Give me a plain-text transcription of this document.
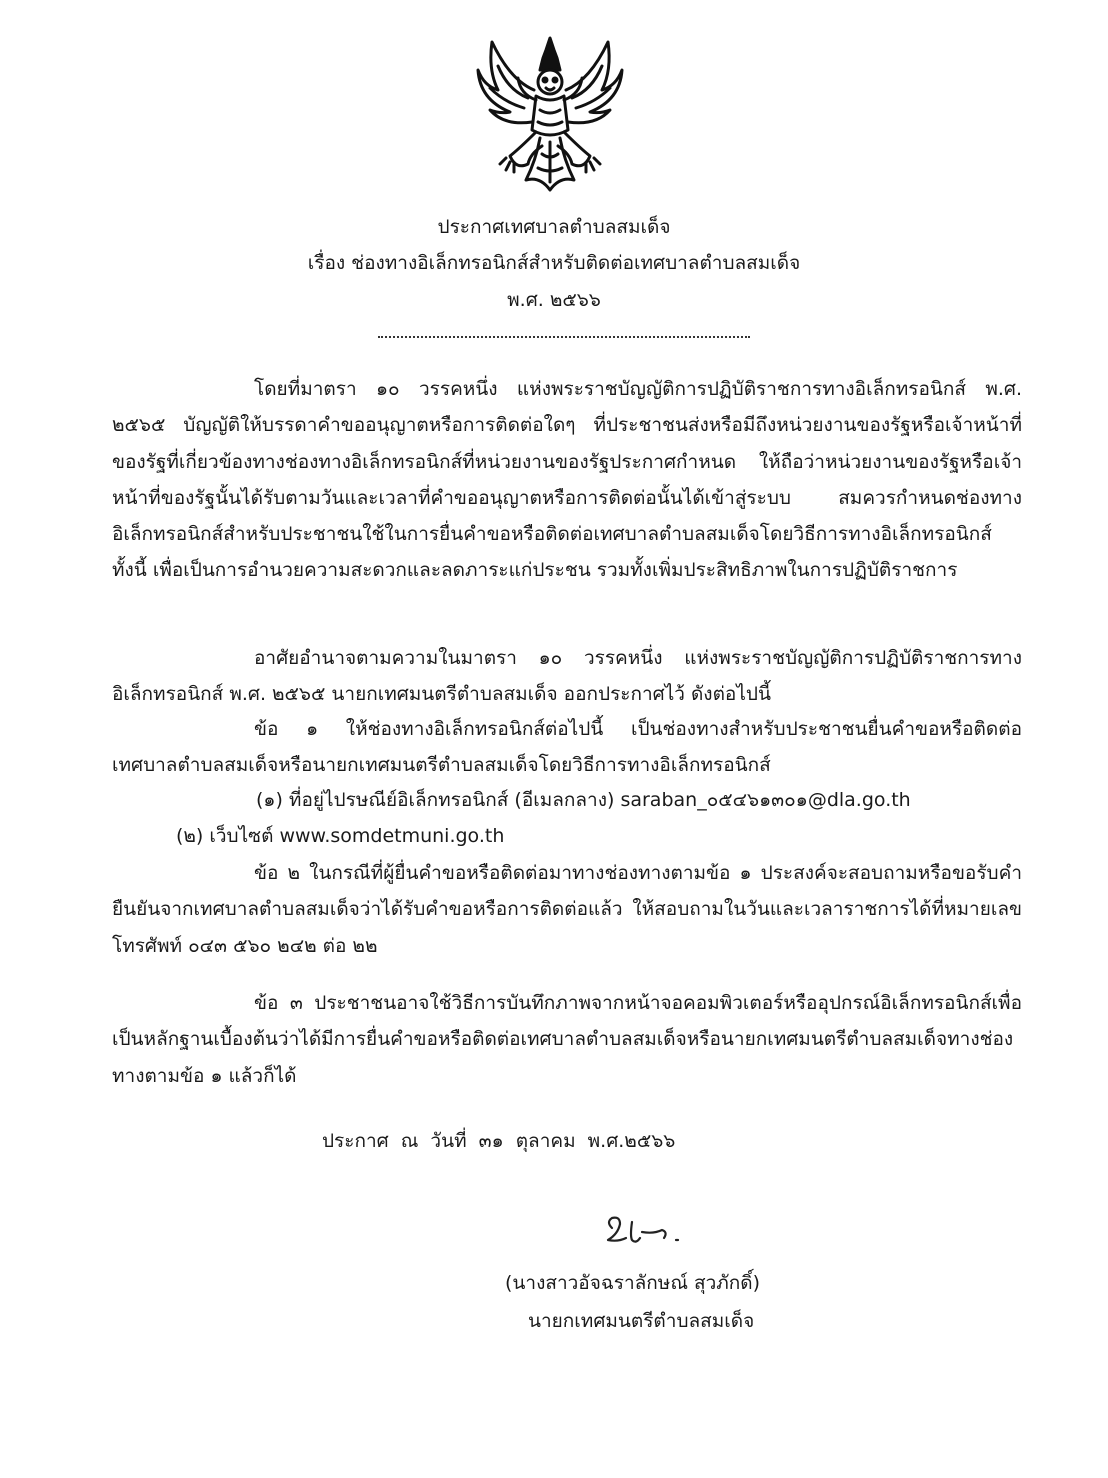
ประกาศเทศบาลตำบลสมเด็จ
เรื่อง ช่องทางอิเล็กทรอนิกส์สำหรับติดต่อเทศบาลตำบลสมเด็จ
พ.ศ. ๒๕๖๖

โดยที่มาตรา ๑๐ วรรคหนึ่ง แห่งพระราชบัญญัติการปฏิบัติราชการทางอิเล็กทรอนิกส์ พ.ศ. ๒๕๖๕ บัญญัติให้บรรดาคำขออนุญาตหรือการติดต่อใดๆ ที่ประชาชนส่งหรือมีถึงหน่วยงานของรัฐหรือเจ้าหน้าที่ของรัฐที่เกี่ยวข้องทางช่องทางอิเล็กทรอนิกส์ที่หน่วยงานของรัฐประกาศกำหนด ให้ถือว่าหน่วยงานของรัฐหรือเจ้าหน้าที่ของรัฐนั้นได้รับตามวันและเวลาที่คำขออนุญาตหรือการติดต่อนั้นได้เข้าสู่ระบบ สมควรกำหนดช่องทางอิเล็กทรอนิกส์สำหรับประชาชนใช้ในการยื่นคำขอหรือติดต่อเทศบาลตำบลสมเด็จโดยวิธีการทางอิเล็กทรอนิกส์ ทั้งนี้ เพื่อเป็นการอำนวยความสะดวกและลดภาระแก่ประชน รวมทั้งเพิ่มประสิทธิภาพในการปฏิบัติราชการ

อาศัยอำนาจตามความในมาตรา ๑๐ วรรคหนึ่ง แห่งพระราชบัญญัติการปฏิบัติราชการทางอิเล็กทรอนิกส์ พ.ศ. ๒๕๖๕ นายกเทศมนตรีตำบลสมเด็จ ออกประกาศไว้ ดังต่อไปนี้

ข้อ ๑ ให้ช่องทางอิเล็กทรอนิกส์ต่อไปนี้ เป็นช่องทางสำหรับประชาชนยื่นคำขอหรือติดต่อเทศบาลตำบลสมเด็จหรือนายกเทศมนตรีตำบลสมเด็จโดยวิธีการทางอิเล็กทรอนิกส์

(๑) ที่อยู่ไปรษณีย์อิเล็กทรอนิกส์ (อีเมลกลาง) saraban_๐๕๔๖๑๓๐๑@dla.go.th
(๒) เว็บไซต์ www.somdetmuni.go.th

ข้อ ๒ ในกรณีที่ผู้ยื่นคำขอหรือติดต่อมาทางช่องทางตามข้อ ๑ ประสงค์จะสอบถามหรือขอรับคำยืนยันจากเทศบาลตำบลสมเด็จว่าได้รับคำขอหรือการติดต่อแล้ว ให้สอบถามในวันและเวลาราชการได้ที่หมายเลขโทรศัพท์ ๐๔๓ ๕๖๐ ๒๔๒ ต่อ ๒๒

ข้อ ๓ ประชาชนอาจใช้วิธีการบันทึกภาพจากหน้าจอคอมพิวเตอร์หรืออุปกรณ์อิเล็กทรอนิกส์เพื่อเป็นหลักฐานเบื้องต้นว่าได้มีการยื่นคำขอหรือติดต่อเทศบาลตำบลสมเด็จหรือนายกเทศมนตรีตำบลสมเด็จทางช่องทางตามข้อ ๑ แล้วก็ได้

ประกาศ ณ วันที่ ๓๑ ตุลาคม พ.ศ.๒๕๖๖
(นางสาวอัจฉราลักษณ์ สุวภักดิ์)
นายกเทศมนตรีตำบลสมเด็จ
